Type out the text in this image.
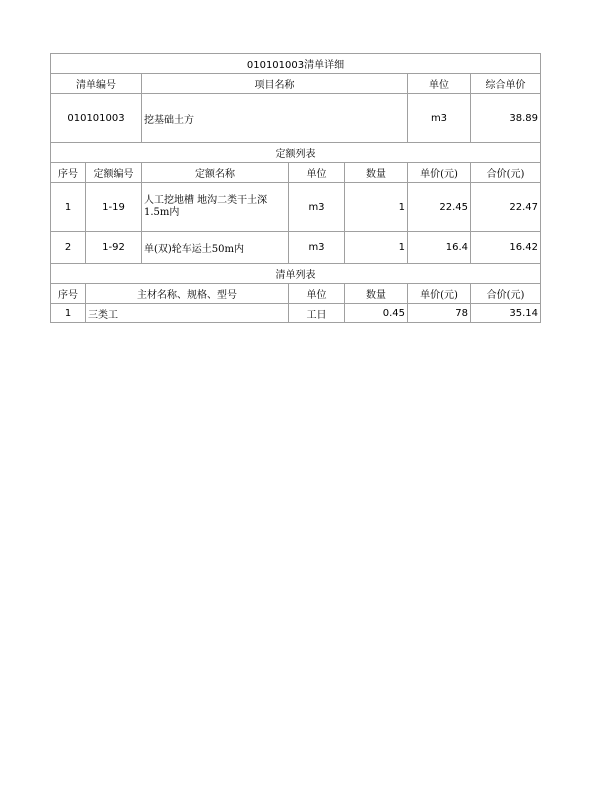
010101003清单详细						
清单编号		项目名称			单位	综合单价
010101003		挖基础土方			m3	38.89
定额列表						
序号	定额编号	定额名称	单位	数量	单价(元)	合价(元)
1	1-19	人工挖地槽 地沟二类干土深1.5m内	m3	1	22.45	22.47
2	1-92	单(双)轮车运土50m内	m3	1	16.4	16.42
清单列表						
序号	主材名称、规格、型号		单位	数量	单价(元)	合价(元)
1	三类工		工日	0.45	78	35.14
